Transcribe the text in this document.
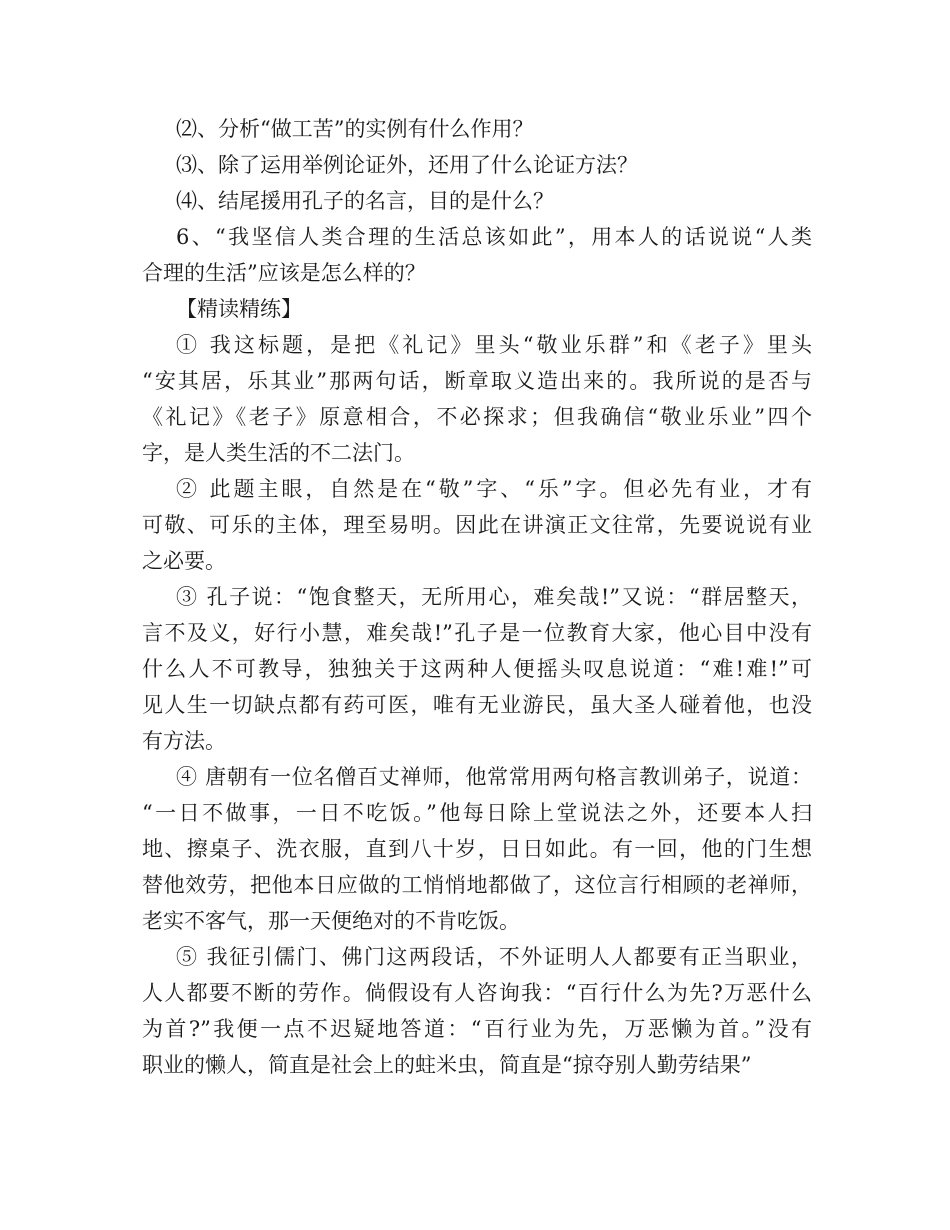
⑵、分析“做工苦”的实例有什么作用？

⑶、除了运用举例论证外，还用了什么论证方法？

⑷、结尾援用孔子的名言，目的是什么？

6、“我坚信人类合理的生活总该如此”，用本人的话说说“人类

合理的生活”应该是怎么样的？

【精读精练】

① 我这标题，是把《礼记》里头“敬业乐群”和《老子》里头

“安其居，乐其业”那两句话，断章取义造出来的。我所说的是否与

《礼记》《老子》原意相合，不必探求；但我确信“敬业乐业”四个

字，是人类生活的不二法门。

② 此题主眼，自然是在“敬”字、“乐”字。但必先有业，才有

可敬、可乐的主体，理至易明。因此在讲演正文往常，先要说说有业

之必要。

③ 孔子说：“饱食整天，无所用心，难矣哉!”又说：“群居整天，

言不及义，好行小慧，难矣哉!”孔子是一位教育大家，他心目中没有

什么人不可教导，独独关于这两种人便摇头叹息说道：“难!难!”可

见人生一切缺点都有药可医，唯有无业游民，虽大圣人碰着他，也没

有方法。

④ 唐朝有一位名僧百丈禅师，他常常用两句格言教训弟子，说道：

“一日不做事，一日不吃饭。”他每日除上堂说法之外，还要本人扫

地、擦桌子、洗衣服，直到八十岁，日日如此。有一回，他的门生想

替他效劳，把他本日应做的工悄悄地都做了，这位言行相顾的老禅师，

老实不客气，那一天便绝对的不肯吃饭。

⑤ 我征引儒门、佛门这两段话，不外证明人人都要有正当职业，

人人都要不断的劳作。倘假设有人咨询我：“百行什么为先?万恶什么

为首?”我便一点不迟疑地答道：“百行业为先，万恶懒为首。”没有

职业的懒人，简直是社会上的蛀米虫，简直是“掠夺别人勤劳结果”
